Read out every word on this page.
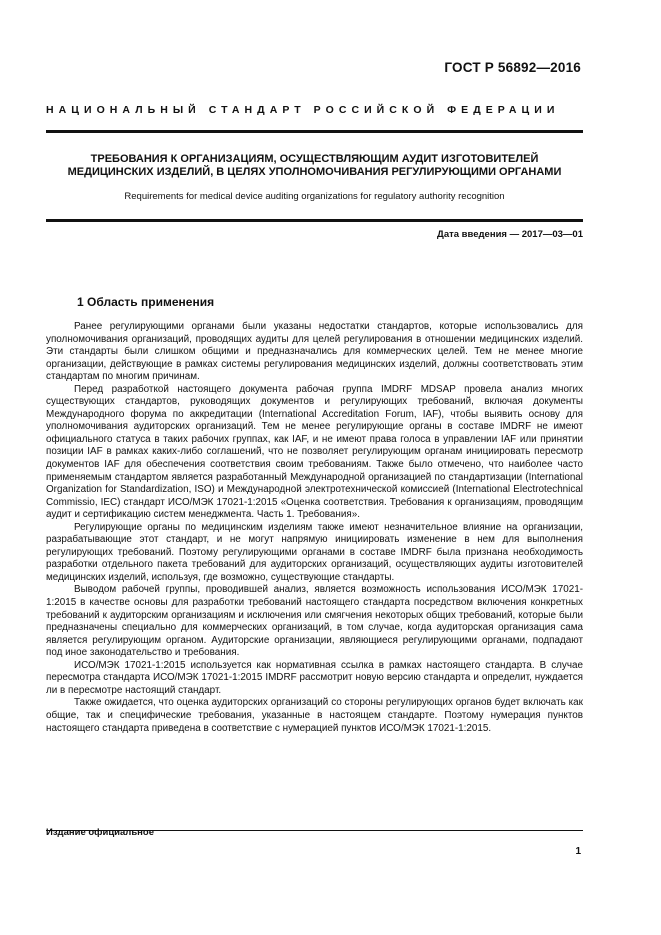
ГОСТ Р 56892—2016
НАЦИОНАЛЬНЫЙ СТАНДАРТ РОССИЙСКОЙ ФЕДЕРАЦИИ
ТРЕБОВАНИЯ К ОРГАНИЗАЦИЯМ, ОСУЩЕСТВЛЯЮЩИМ АУДИТ ИЗГОТОВИТЕЛЕЙ
МЕДИЦИНСКИХ ИЗДЕЛИЙ, В ЦЕЛЯХ УПОЛНОМОЧИВАНИЯ РЕГУЛИРУЮЩИМИ ОРГАНАМИ
Requirements for medical device auditing organizations for regulatory authority recognition
Дата введения — 2017—03—01
1 Область применения

Ранее регулирующими органами были указаны недостатки стандартов, которые использовались для уполномочивания организаций, проводящих аудиты для целей регулирования в отношении медицинских изделий. Эти стандарты были слишком общими и предназначались для коммерческих целей. Тем не менее многие организации, действующие в рамках системы регулирования медицинских изделий, должны соответствовать этим стандартам по многим причинам.

Перед разработкой настоящего документа рабочая группа IMDRF MDSAP провела анализ многих существующих стандартов, руководящих документов и регулирующих требований, включая документы Международного форума по аккредитации (International Accreditation Forum, IAF), чтобы выявить основу для уполномочивания аудиторских организаций. Тем не менее регулирующие органы в составе IMDRF не имеют официального статуса в таких рабочих группах, как IAF, и не имеют права голоса в управлении IAF или принятии позиции IAF в рамках каких-либо соглашений, что не позволяет регулирующим органам инициировать пересмотр документов IAF для обеспечения соответствия своим требованиям. Также было отмечено, что наиболее часто применяемым стандартом является разработанный Международной организацией по стандартизации (International Organization for Standardization, ISO) и Международной электротехнической комиссией (International Electrotechnical Commissio, IEC) стандарт ИСО/МЭК 17021-1:2015 «Оценка соответствия. Требования к организациям, проводящим аудит и сертификацию систем менеджмента. Часть 1. Требования».

Регулирующие органы по медицинским изделиям также имеют незначительное влияние на организации, разрабатывающие этот стандарт, и не могут напрямую инициировать изменение в нем для выполнения регулирующих требований. Поэтому регулирующими органами в составе IMDRF была признана необходимость разработки отдельного пакета требований для аудиторских организаций, осуществляющих аудиты изготовителей медицинских изделий, используя, где возможно, существующие стандарты.

Выводом рабочей группы, проводившей анализ, является возможность использования ИСО/МЭК 17021-1:2015 в качестве основы для разработки требований настоящего стандарта посредством включения конкретных требований к аудиторским организациям и исключения или смягчения некоторых общих требований, которые были предназначены специально для коммерческих организаций, в том случае, когда аудиторская организация сама является регулирующим органом. Аудиторские организации, являющиеся регулирующими органами, подпадают под иное законодательство и требования.

ИСО/МЭК 17021-1:2015 используется как нормативная ссылка в рамках настоящего стандарта. В случае пересмотра стандарта ИСО/МЭК 17021-1:2015 IMDRF рассмотрит новую версию стандарта и определит, нуждается ли в пересмотре настоящий стандарт.

Также ожидается, что оценка аудиторских организаций со стороны регулирующих органов будет включать как общие, так и специфические требования, указанные в настоящем стандарте. Поэтому нумерация пунктов настоящего стандарта приведена в соответствие с нумерацией пунктов ИСО/МЭК 17021-1:2015.

Издание официальное
1
